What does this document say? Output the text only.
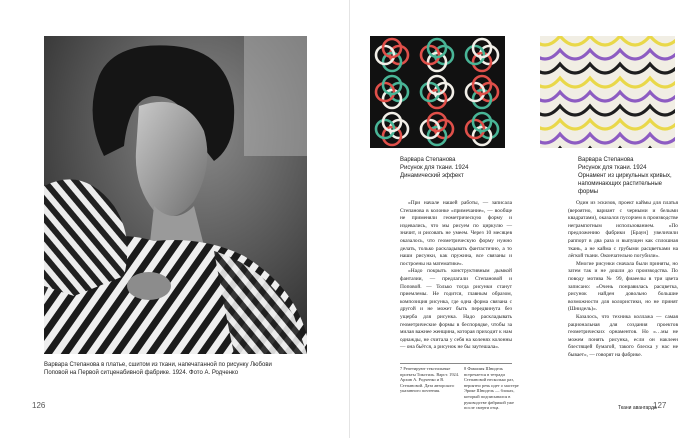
Варвара Степанова в платье, сшитом из ткани, напечатанной по рисунку Любови Поповой на Первой ситценабивной фабрике. 1924. Фото А. Родченко
126
Варвара Степанова
Рисунок для ткани. 1924
Динамический эффект
Варвара Степанова
Рисунок для ткани. 1924
Орнамент из циркульных кривых,
напоминающих растительные
формы

«При начале нашей работы, — записала Степанова в колонке «примечание», — вообще не применяли геометрическую форму и издевались, что мы рисуем по циркулю — значит, и рисовать не умеем. Через 10 месяцев оказалось, что геометрическую форму нужно делать, только раскладывать фантастично, а то наши рисунки, как пружина, все связаны и построены на математике».

«Надо покрыть конструктивным дымкой фантазии, — предлагали Степановой и Поповой. — Только тогда рисунки станут приемлемы. Не годится, главным образом, композиция рисунка, где одна форма связана с другой и не может быть передвинута без ущерба для рисунка. Надо раскладывать геометрические формы в беспорядке, чтобы за милая важнее женщина, которая приходит к нам однажды, не считала у себя на коленях колонны — она бьётся, а рисунок не бы заутешала».

Один из эскизов, проект каймы для платья (вероятно, вариант с черными и белыми квадратами), оказался пусорчем в производстве негрампотным использованием. «По предложению фабрики [Браун] увеличили раппорт в два раза и выпущен как сплошная ткань, а не кайма с грубыми расцветками на лёгкой ткани. Окончательно погубили».

Многие рисунки сначала были приняты, но затем так и не дошли до производства. По поводу мотива № 99, фиаеелы в три цвета записано: «Очень понравилась расцветка, рисунок найден довольно большие возможности для колористики, но не принят (Шнидель)».

Казалось, что техника коллажа — самая рациональная для создания проектов геометрических орнаментов. Но «…мы не можем понять рисунка, если он наклеен блестящей бумагой, такого блеска у нас не бывает», — говорят на фабрике.

7 Репетируют текстильные проекты Тикстиль. Варст. 1924. Архив А. Родченко и В. Степановой. Дата авторского указанного почтения.
8 Фамилия Шнидель встречается в тетради Степановой несколько раз, вероятно речь идет о мастере Эрике Шнидель — блоках, который подписывался в руководстве фабрикой уже после смерти отца.	Ткани авангарда
127
